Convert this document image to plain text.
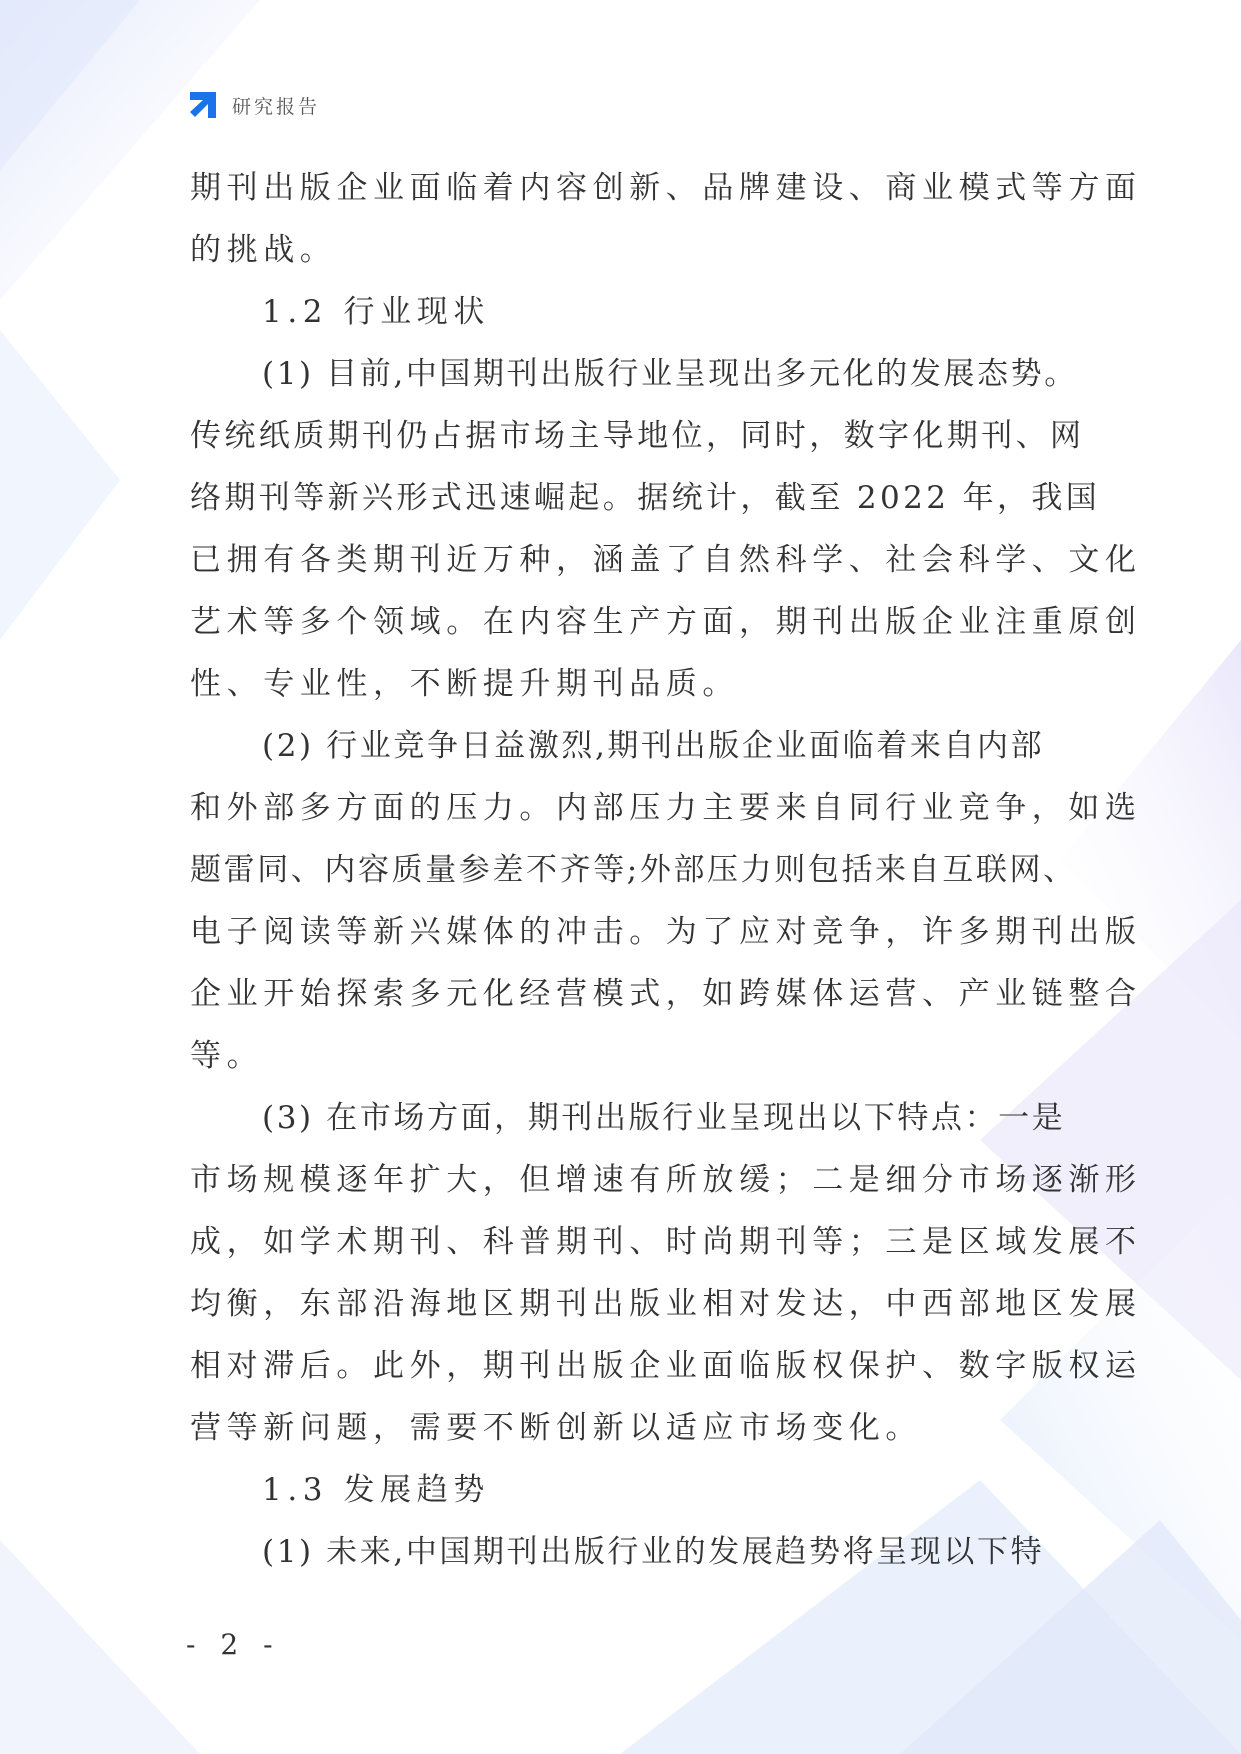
研究报告
期刊出版企业面临着内容创新、品牌建设、商业模式等方面
的挑战。
1.2 行业现状
(1) 目前,中国期刊出版行业呈现出多元化的发展态势。
传统纸质期刊仍占据市场主导地位，同时，数字化期刊、网
络期刊等新兴形式迅速崛起。据统计，截至 2022 年，我国
已拥有各类期刊近万种，涵盖了自然科学、社会科学、文化
艺术等多个领域。在内容生产方面，期刊出版企业注重原创
性、专业性，不断提升期刊品质。
(2) 行业竞争日益激烈,期刊出版企业面临着来自内部
和外部多方面的压力。内部压力主要来自同行业竞争，如选
题雷同、内容质量参差不齐等;外部压力则包括来自互联网、
电子阅读等新兴媒体的冲击。为了应对竞争，许多期刊出版
企业开始探索多元化经营模式，如跨媒体运营、产业链整合
等。
(3) 在市场方面，期刊出版行业呈现出以下特点：一是
市场规模逐年扩大，但增速有所放缓；二是细分市场逐渐形
成，如学术期刊、科普期刊、时尚期刊等；三是区域发展不
均衡，东部沿海地区期刊出版业相对发达，中西部地区发展
相对滞后。此外，期刊出版企业面临版权保护、数字版权运
营等新问题，需要不断创新以适应市场变化。
1.3 发展趋势
(1) 未来,中国期刊出版行业的发展趋势将呈现以下特
- 2 -
